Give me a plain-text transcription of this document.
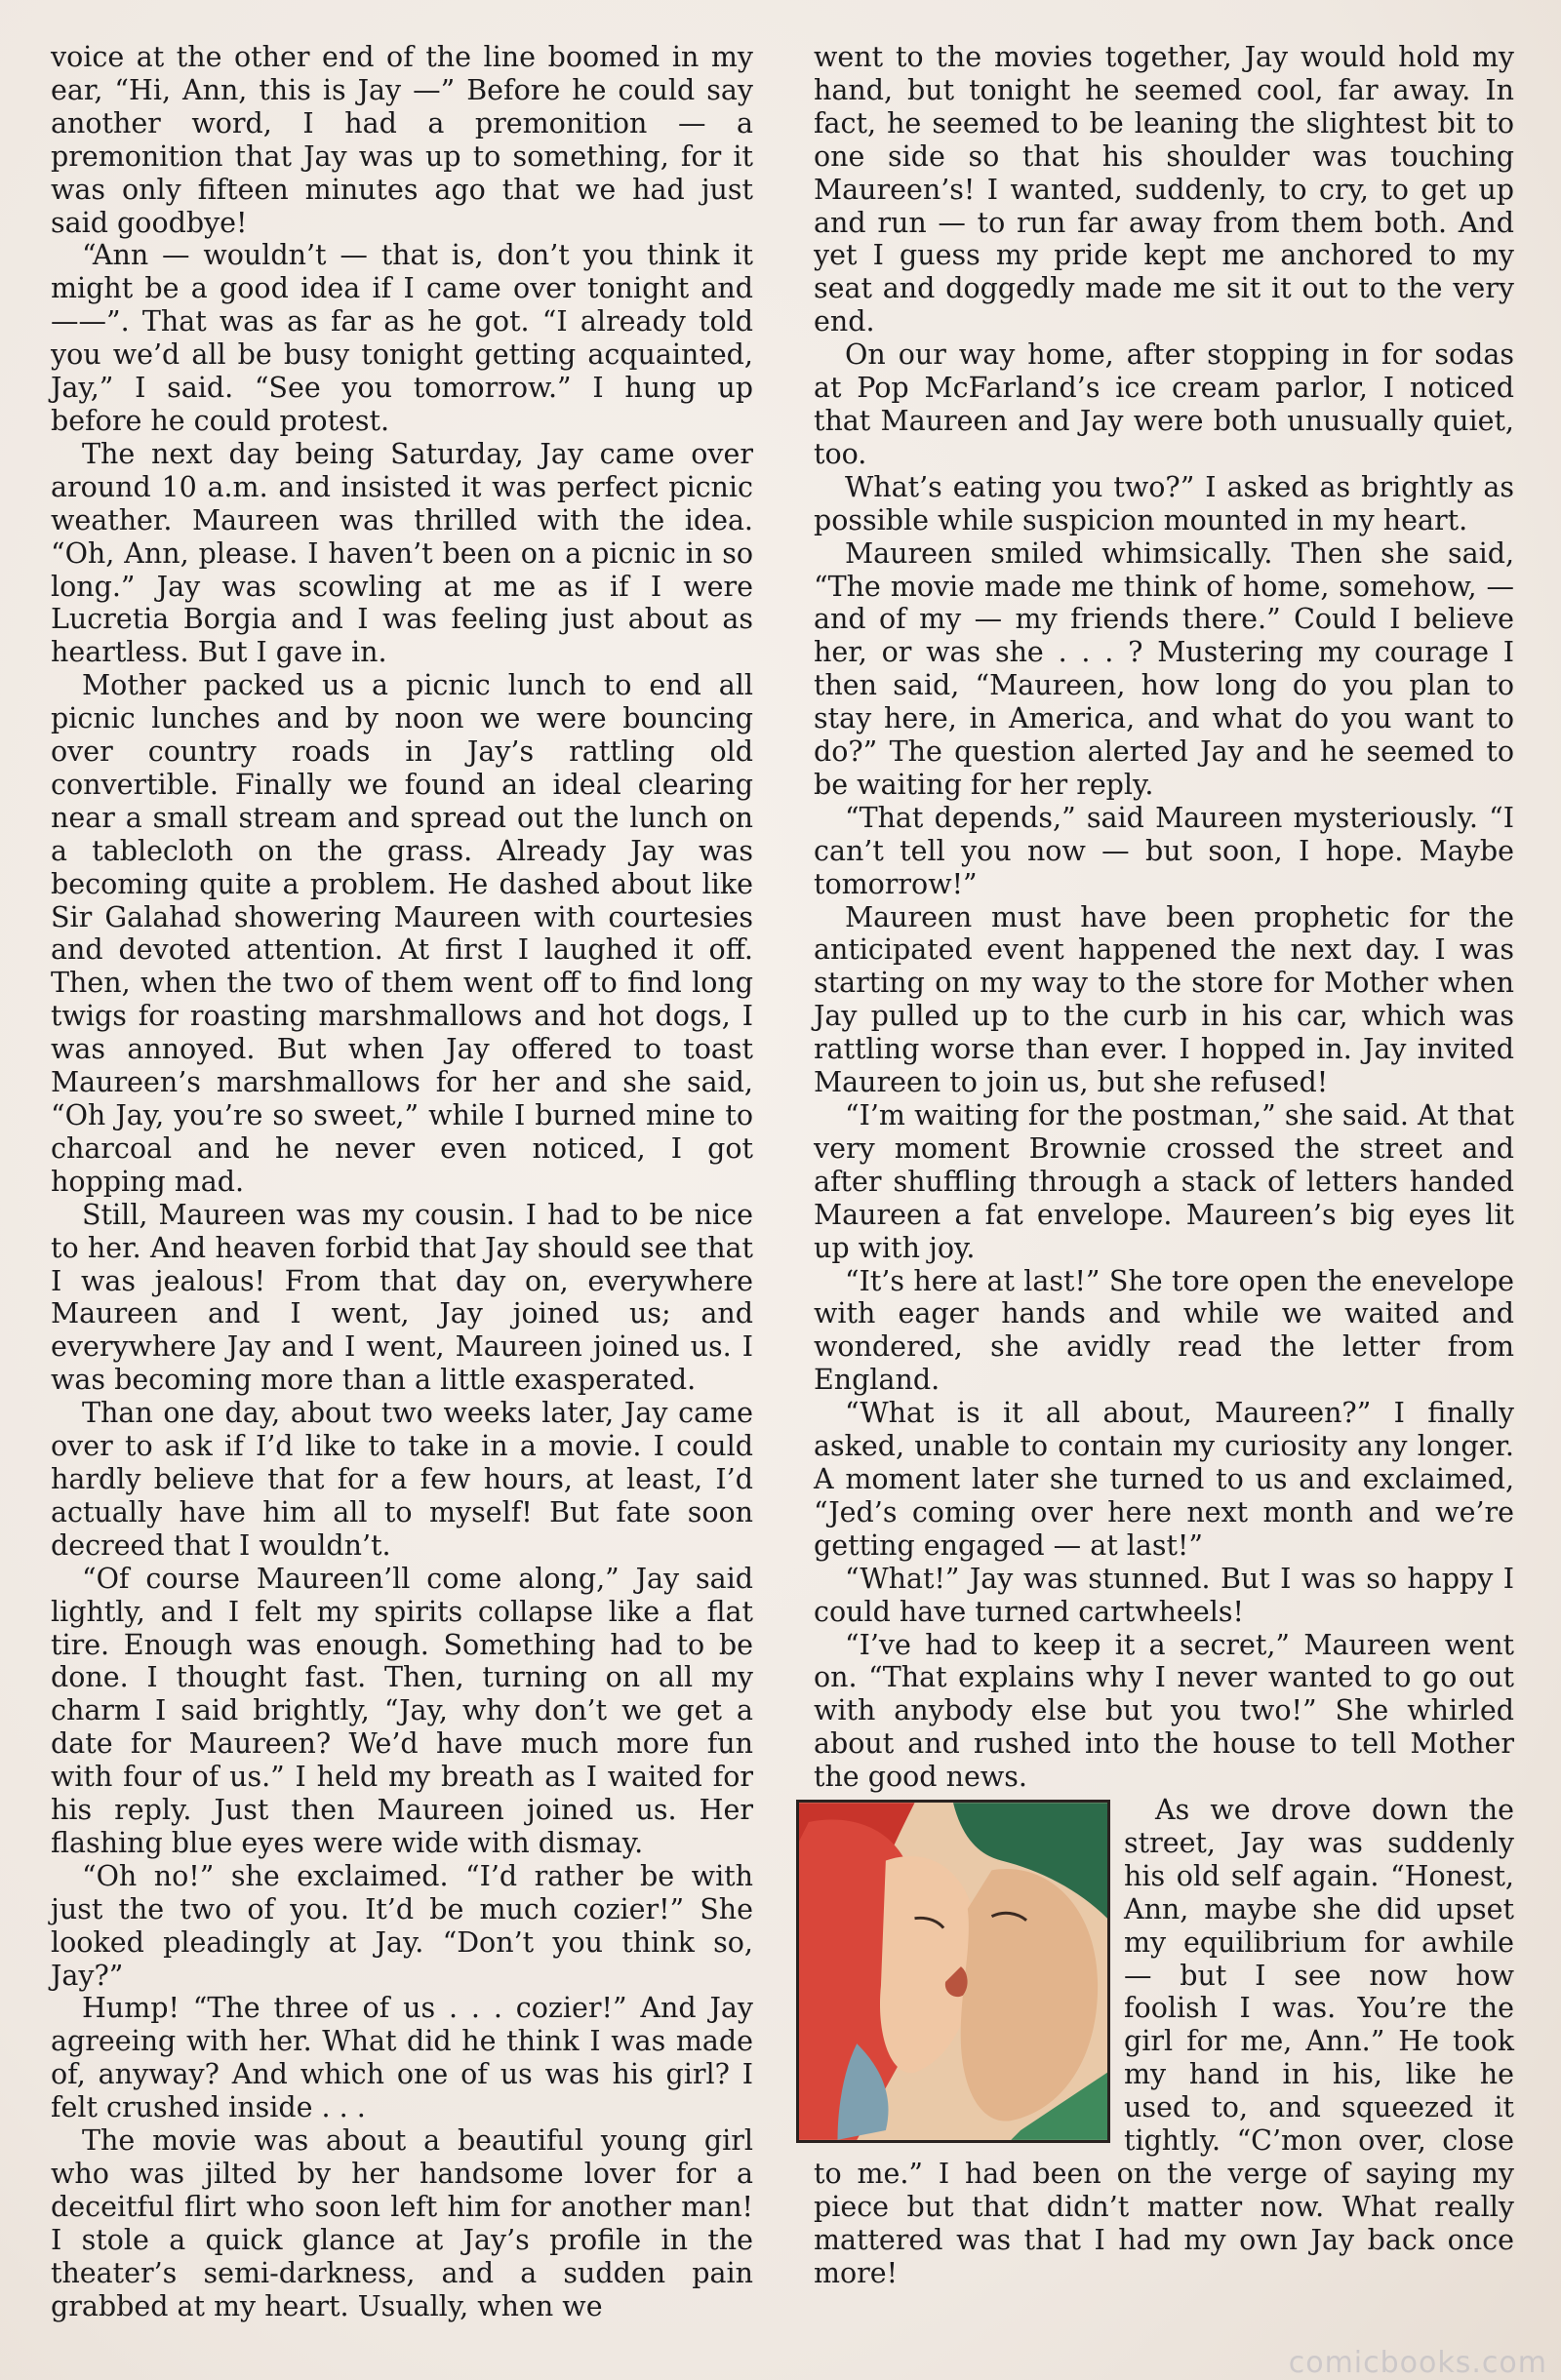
voice at the other end of the line boomed in my ear, “Hi, Ann, this is Jay —” Before he could say another word, I had a premonition — a premonition that Jay was up to something, for it was only fifteen minutes ago that we had just said goodbye!

“Ann — wouldn’t — that is, don’t you think it might be a good idea if I came over tonight and ——”. That was as far as he got. “I already told you we’d all be busy tonight getting acquainted, Jay,” I said. “See you tomorrow.” I hung up before he could protest.

The next day being Saturday, Jay came over around 10 a.m. and insisted it was perfect picnic weather. Maureen was thrilled with the idea. “Oh, Ann, please. I haven’t been on a picnic in so long.” Jay was scowling at me as if I were Lucretia Borgia and I was feeling just about as heartless. But I gave in.

Mother packed us a picnic lunch to end all picnic lunches and by noon we were bouncing over country roads in Jay’s rattling old convertible. Finally we found an ideal clearing near a small stream and spread out the lunch on a tablecloth on the grass. Already Jay was becoming quite a problem. He dashed about like Sir Galahad showering Maureen with courtesies and devoted attention. At first I laughed it off. Then, when the two of them went off to find long twigs for roasting marshmallows and hot dogs, I was annoyed. But when Jay offered to toast Maureen’s marshmallows for her and she said, “Oh Jay, you’re so sweet,” while I burned mine to charcoal and he never even noticed, I got hopping mad.

Still, Maureen was my cousin. I had to be nice to her. And heaven forbid that Jay should see that I was jealous! From that day on, everywhere Maureen and I went, Jay joined us; and everywhere Jay and I went, Maureen joined us. I was becoming more than a little exasperated.

Than one day, about two weeks later, Jay came over to ask if I’d like to take in a movie. I could hardly believe that for a few hours, at least, I’d actually have him all to myself! But fate soon decreed that I wouldn’t.

“Of course Maureen’ll come along,” Jay said lightly, and I felt my spirits collapse like a flat tire. Enough was enough. Something had to be done. I thought fast. Then, turning on all my charm I said brightly, “Jay, why don’t we get a date for Maureen? We’d have much more fun with four of us.” I held my breath as I waited for his reply. Just then Maureen joined us. Her flashing blue eyes were wide with dismay.

“Oh no!” she exclaimed. “I’d rather be with just the two of you. It’d be much cozier!” She looked pleadingly at Jay. “Don’t you think so, Jay?”

Hump! “The three of us . . . cozier!” And Jay agreeing with her. What did he think I was made of, anyway? And which one of us was his girl? I felt crushed inside . . .

The movie was about a beautiful young girl who was jilted by her handsome lover for a deceitful flirt who soon left him for another man! I stole a quick glance at Jay’s profile in the theater’s semi-darkness, and a sudden pain grabbed at my heart. Usually, when we

went to the movies together, Jay would hold my hand, but tonight he seemed cool, far away. In fact, he seemed to be leaning the slightest bit to one side so that his shoulder was touching Maureen’s! I wanted, suddenly, to cry, to get up and run — to run far away from them both. And yet I guess my pride kept me anchored to my seat and doggedly made me sit it out to the very end.

On our way home, after stopping in for sodas at Pop McFarland’s ice cream parlor, I noticed that Maureen and Jay were both unusually quiet, too.

What’s eating you two?” I asked as brightly as possible while suspicion mounted in my heart.

Maureen smiled whimsically. Then she said, “The movie made me think of home, somehow, — and of my — my friends there.” Could I believe her, or was she . . . ? Mustering my courage I then said, “Maureen, how long do you plan to stay here, in America, and what do you want to do?” The question alerted Jay and he seemed to be waiting for her reply.

“That depends,” said Maureen mysteriously. “I can’t tell you now — but soon, I hope. Maybe tomorrow!”

Maureen must have been prophetic for the anticipated event happened the next day. I was starting on my way to the store for Mother when Jay pulled up to the curb in his car, which was rattling worse than ever. I hopped in. Jay invited Maureen to join us, but she refused!

“I’m waiting for the postman,” she said. At that very moment Brownie crossed the street and after shuffling through a stack of letters handed Maureen a fat envelope. Maureen’s big eyes lit up with joy.

“It’s here at last!” She tore open the enevelope with eager hands and while we waited and wondered, she avidly read the letter from England.

“What is it all about, Maureen?” I finally asked, unable to contain my curiosity any longer. A moment later she turned to us and exclaimed, “Jed’s coming over here next month and we’re getting engaged — at last!”

“What!” Jay was stunned. But I was so happy I could have turned cartwheels!

“I’ve had to keep it a secret,” Maureen went on. “That explains why I never wanted to go out with anybody else but you two!” She whirled about and rushed into the house to tell Mother the good news.

As we drove down the street, Jay was suddenly his old self again. “Honest, Ann, maybe she did upset my equilibrium for awhile — but I see now how foolish I was. You’re the girl for me, Ann.” He took my hand in his, like he used to, and squeezed it tightly. “C’mon over, close to me.” I had been on the verge of saying my piece but that didn’t matter now. What really mattered was that I had my own Jay back once more!

comicbooks.com
